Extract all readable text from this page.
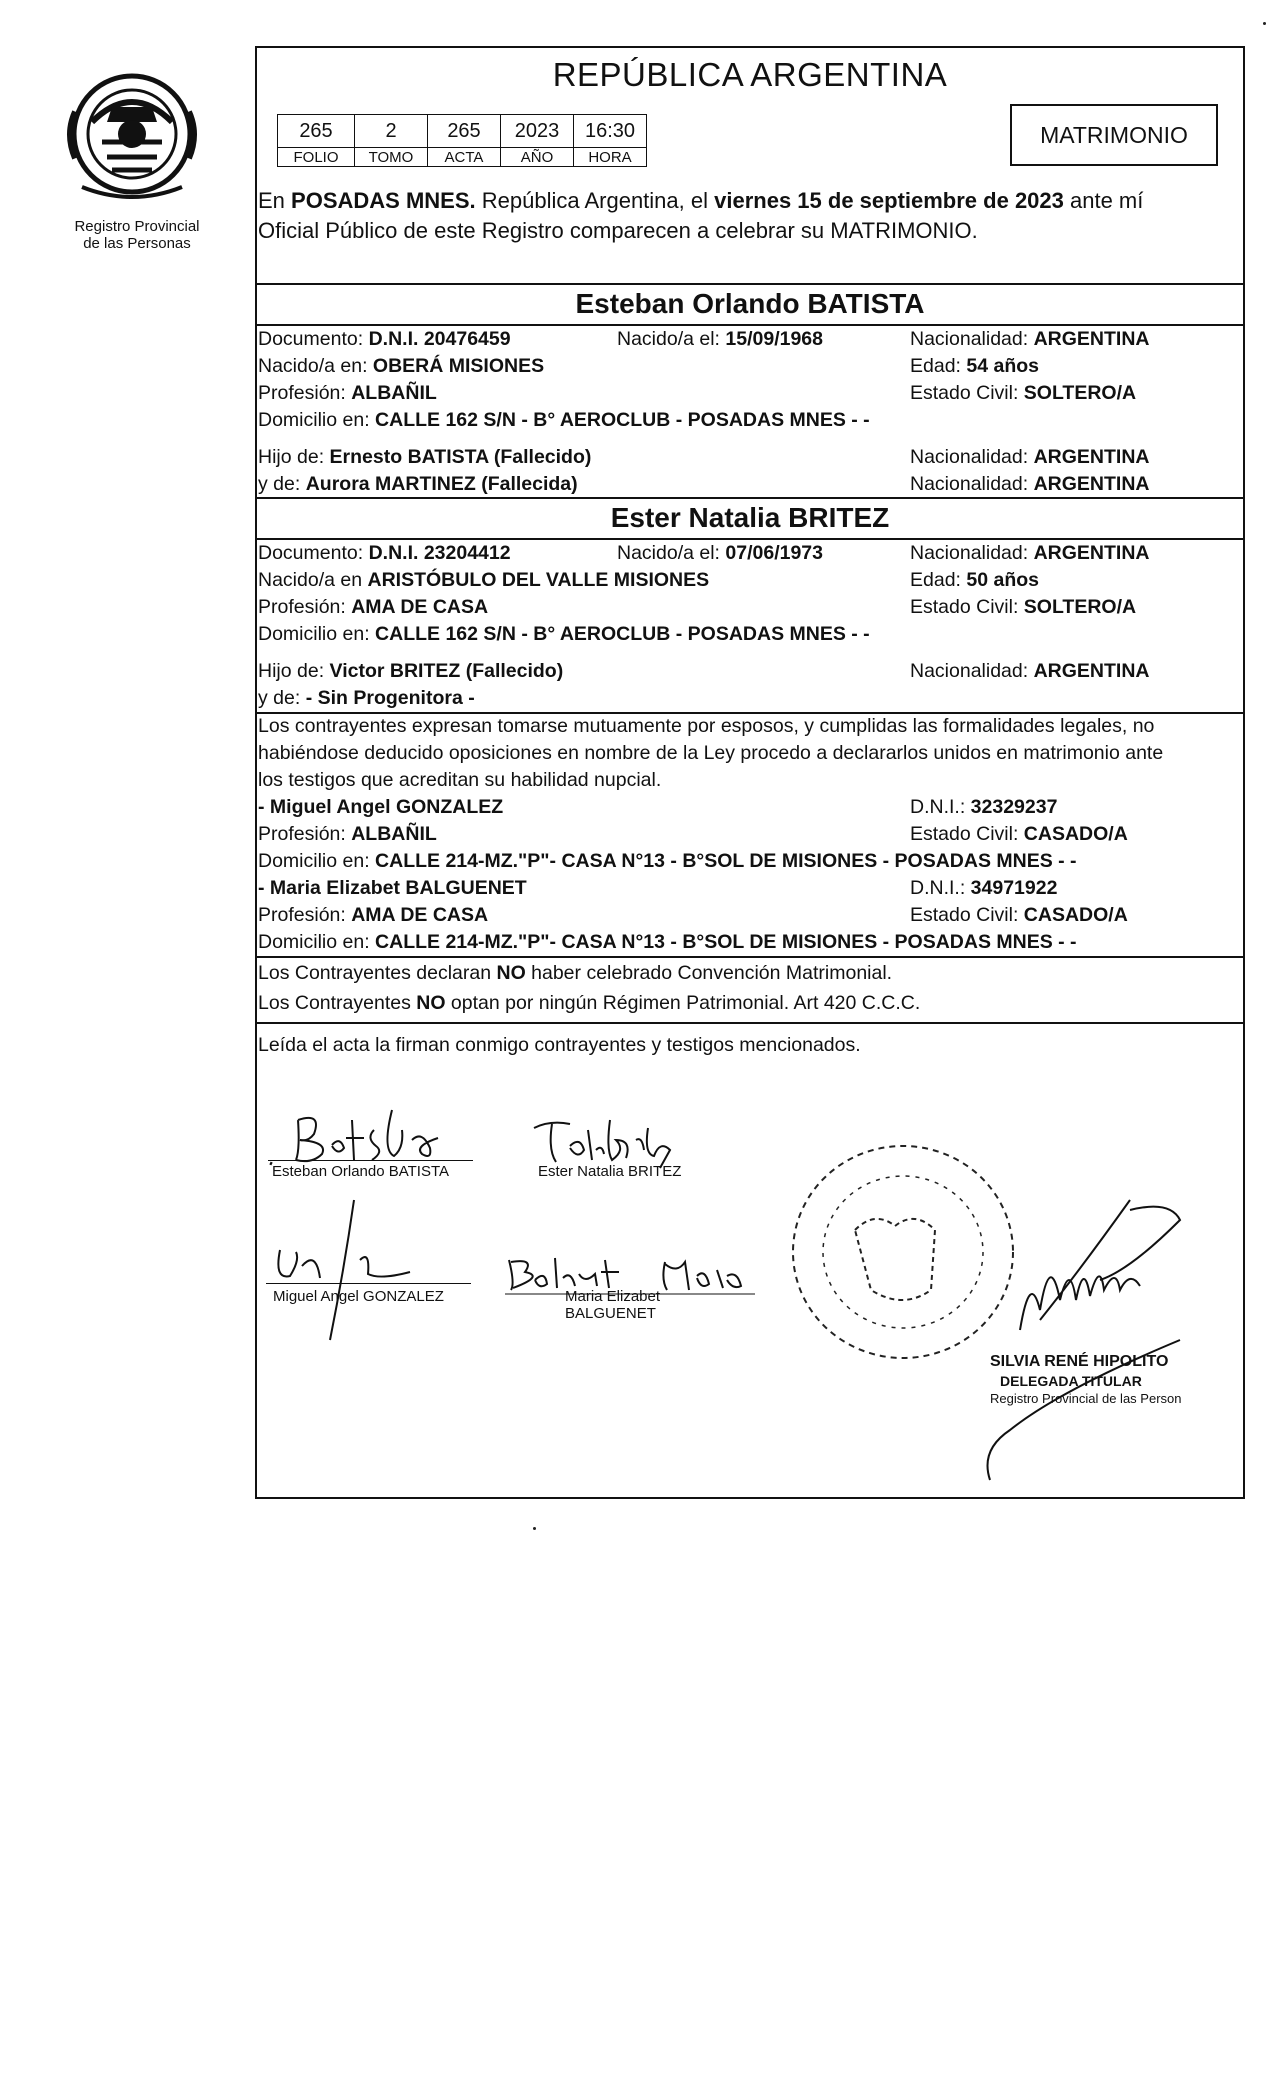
Registro Provincial
de las Personas
REPÚBLICA ARGENTINA
265	2	265	2023	16:30
FOLIO	TOMO	ACTA	AÑO	HORA
MATRIMONIO
En POSADAS MNES. República Argentina, el viernes 15 de septiembre de 2023 ante mí
Oficial Público de este Registro comparecen a celebrar su MATRIMONIO.
Esteban Orlando BATISTA
Documento: D.N.I. 20476459	Nacido/a el: 15/09/1968	Nacionalidad: ARGENTINA
Nacido/a en: OBERÁ MISIONES	Edad: 54 años
Profesión: ALBAÑIL	Estado Civil: SOLTERO/A
Domicilio en: CALLE 162 S/N - B° AEROCLUB - POSADAS MNES - -
Hijo de: Ernesto BATISTA (Fallecido)	Nacionalidad: ARGENTINA
y de: Aurora MARTINEZ (Fallecida)	Nacionalidad: ARGENTINA
Ester Natalia BRITEZ
Documento: D.N.I. 23204412	Nacido/a el: 07/06/1973	Nacionalidad: ARGENTINA
Nacido/a en ARISTÓBULO DEL VALLE MISIONES	Edad: 50 años
Profesión: AMA DE CASA	Estado Civil: SOLTERO/A
Domicilio en: CALLE 162 S/N - B° AEROCLUB - POSADAS MNES - -
Hijo de: Victor BRITEZ (Fallecido)	Nacionalidad: ARGENTINA
y de: - Sin Progenitora -
Los contrayentes expresan tomarse mutuamente por esposos, y cumplidas las formalidades legales, no
habiéndose deducido oposiciones en nombre de la Ley procedo a declararlos unidos en matrimonio ante
los testigos que acreditan su habilidad nupcial.
- Miguel Angel GONZALEZ	D.N.I.: 32329237
Profesión: ALBAÑIL	Estado Civil: CASADO/A
Domicilio en: CALLE 214-MZ."P"- CASA N°13 - B°SOL DE MISIONES - POSADAS MNES - -
- Maria Elizabet BALGUENET	D.N.I.: 34971922
Profesión: AMA DE CASA	Estado Civil: CASADO/A
Domicilio en: CALLE 214-MZ."P"- CASA N°13 - B°SOL DE MISIONES - POSADAS MNES - -
Los Contrayentes declaran NO haber celebrado Convención Matrimonial.
Los Contrayentes NO optan por ningún Régimen Patrimonial. Art 420 C.C.C.
Leída el acta la firman conmigo contrayentes y testigos mencionados.
Esteban Orlando BATISTA	Ester Natalia BRITEZ
Miguel Angel GONZALEZ	Maria Elizabet
BALGUENET
SILVIA RENÉ HIPOLITO
DELEGADA TITULAR
Registro Provincial de las Person
